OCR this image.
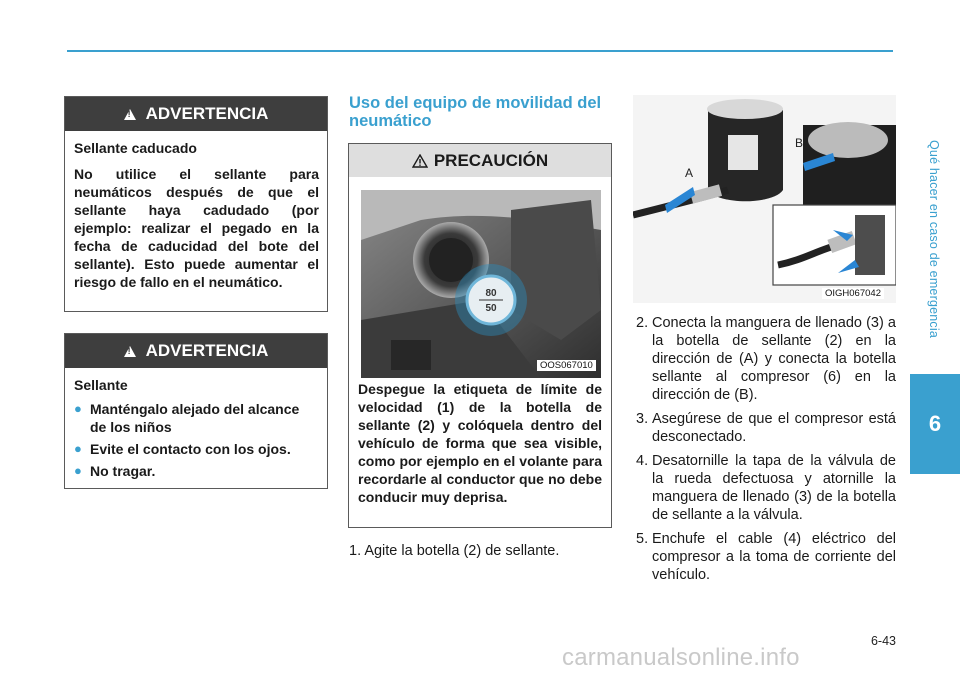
Qué hacer en caso de emergencia
6
!
ADVERTENCIA

Sellante caducado

No utilice el sellante para neumáticos después de que el sellante haya cadudado (por ejemplo: realizar el pegado en la fecha de caducidad del bote del sellante). Esto puede aumentar el riesgo de fallo en el neumático.

!
ADVERTENCIA

Sellante

● Manténgalo alejado del alcance de los niños
● Evite el contacto con los ojos.
● No tragar.
Uso del equipo de movilidad del neumático
PRECAUCIÓN
80
50
OOS067010
Despegue la etiqueta de límite de velocidad (1) de la botella de sellante (2) y colóquela dentro del vehículo de forma que sea visible, como por ejemplo en el volante para recordarle al conductor que no debe conducir muy deprisa.
1. Agite la botella (2) de sellante.
A
B
OIGH067042
2. Conecta la manguera de llenado (3) a la botella de sellante (2) en la dirección de (A) y conecta la botella sellante al compresor (6) en la dirección de (B).
3. Asegúrese de que el compresor está desconectado.
4. Desatornille la tapa de la válvula de la rueda defectuosa y atornille la manguera de llenado (3) de la botella de sellante a la válvula.
5. Enchufe el cable (4) eléctrico del compresor a la toma de corriente del vehículo.
6-43
carmanualsonline.info
